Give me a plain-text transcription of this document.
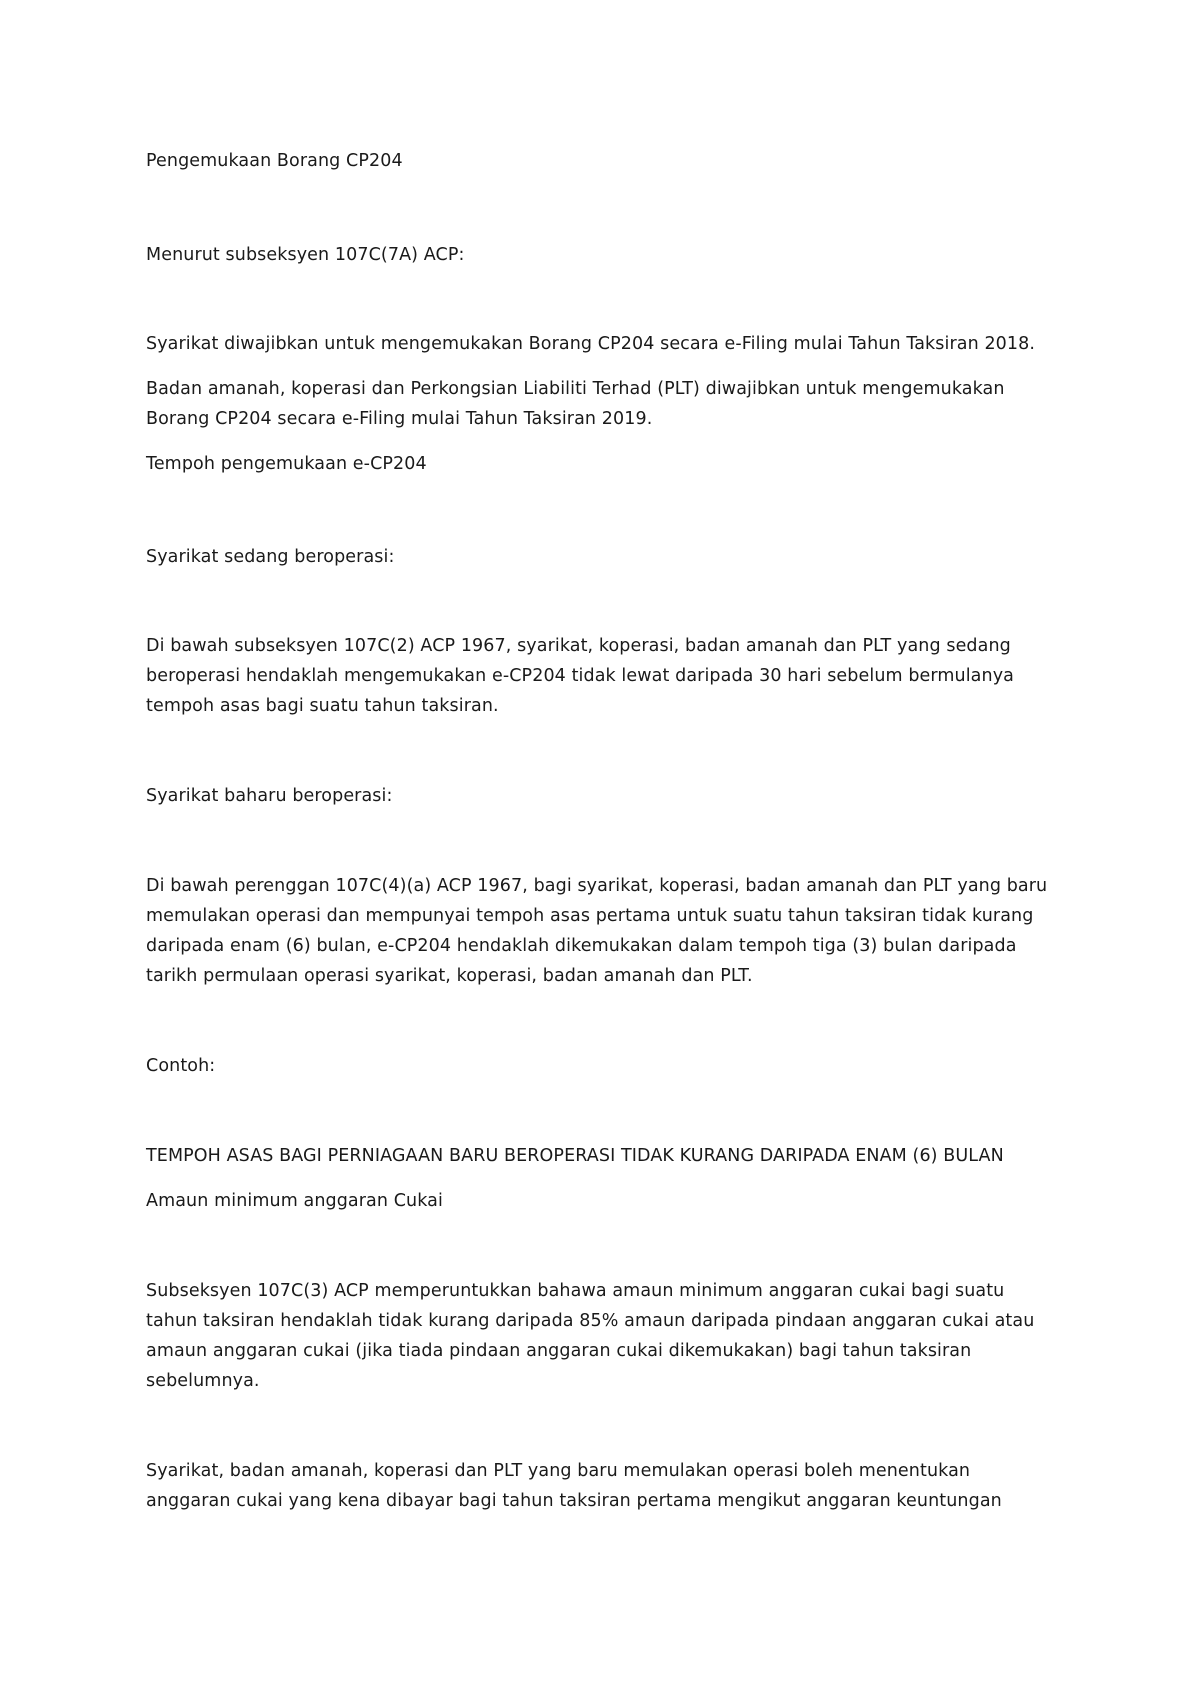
Pengemukaan Borang CP204

Menurut subseksyen 107C(7A) ACP:

Syarikat diwajibkan untuk mengemukakan Borang CP204 secara e-Filing mulai Tahun Taksiran 2018.

Badan amanah, koperasi dan Perkongsian Liabiliti Terhad (PLT) diwajibkan untuk mengemukakan

Borang CP204 secara e-Filing mulai Tahun Taksiran 2019.

Tempoh pengemukaan e-CP204

Syarikat sedang beroperasi:

Di bawah subseksyen 107C(2) ACP 1967, syarikat, koperasi, badan amanah dan PLT yang sedang

beroperasi hendaklah mengemukakan e-CP204 tidak lewat daripada 30 hari sebelum bermulanya

tempoh asas bagi suatu tahun taksiran.

Syarikat baharu beroperasi:

Di bawah perenggan 107C(4)(a) ACP 1967, bagi syarikat, koperasi, badan amanah dan PLT yang baru

memulakan operasi dan mempunyai tempoh asas pertama untuk suatu tahun taksiran tidak kurang

daripada enam (6) bulan, e-CP204 hendaklah dikemukakan dalam tempoh tiga (3) bulan daripada

tarikh permulaan operasi syarikat, koperasi, badan amanah dan PLT.

Contoh:

TEMPOH ASAS BAGI PERNIAGAAN BARU BEROPERASI TIDAK KURANG DARIPADA ENAM (6) BULAN

Amaun minimum anggaran Cukai

Subseksyen 107C(3) ACP memperuntukkan bahawa amaun minimum anggaran cukai bagi suatu

tahun taksiran hendaklah tidak kurang daripada 85% amaun daripada pindaan anggaran cukai atau

amaun anggaran cukai (jika tiada pindaan anggaran cukai dikemukakan) bagi tahun taksiran

sebelumnya.

Syarikat, badan amanah, koperasi dan PLT yang baru memulakan operasi boleh menentukan

anggaran cukai yang kena dibayar bagi tahun taksiran pertama mengikut anggaran keuntungan
